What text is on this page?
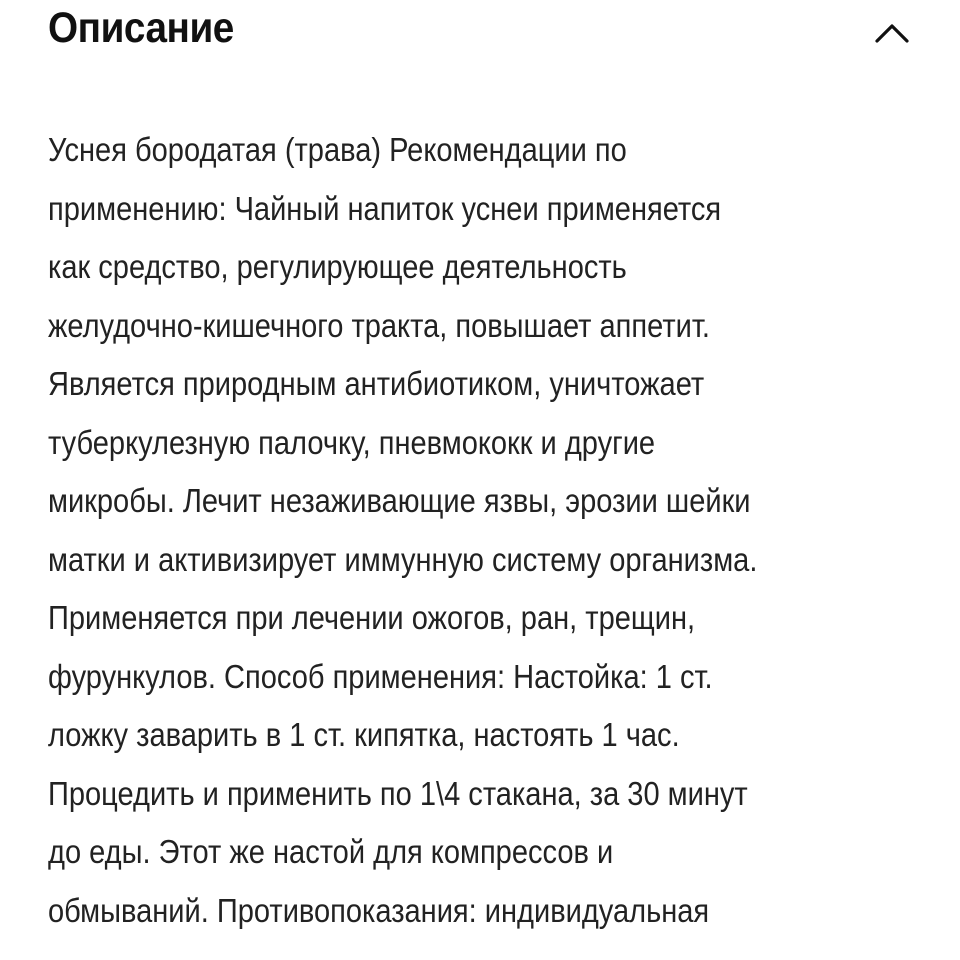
Описание

Уснея бородатая (трава) Рекомендации по
применению: Чайный напиток уснеи применяется
как средство, регулирующее деятельность
желудочно-кишечного тракта, повышает аппетит.
Является природным антибиотиком, уничтожает
туберкулезную палочку, пневмококк и другие
микробы. Лечит незаживающие язвы, эрозии шейки
матки и активизирует иммунную систему организма.
Применяется при лечении ожогов, ран, трещин,
фурункулов. Способ применения: Настойка: 1 ст.
ложку заварить в 1 ст. кипятка, настоять 1 час.
Процедить и применить по 1\4 стакана, за 30 минут
до еды. Этот же настой для компрессов и
обмываний. Противопоказания: индивидуальная
